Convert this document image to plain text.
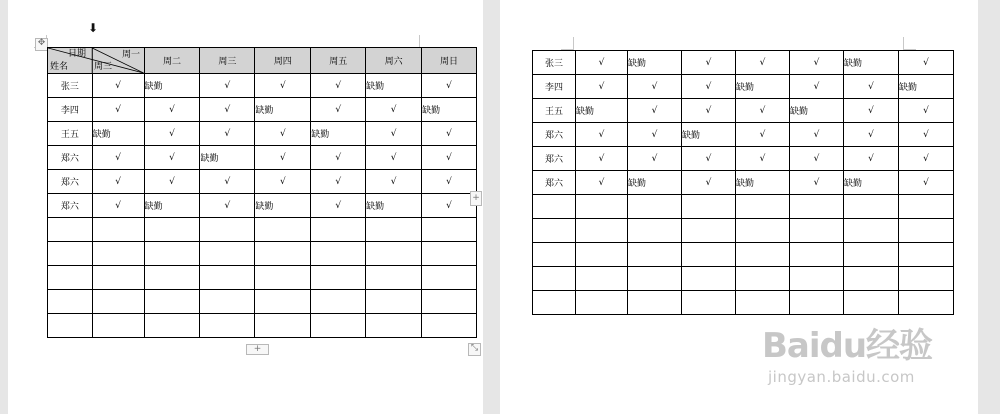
⬇
✥
日期
姓名
周一
周三		周二	周三	周四	周五	周六	周日
张三	√	缺勤	√	√	√	缺勤	√
李四	√	√	√	缺勤	√	√	缺勤
王五	缺勤	√	√	√	缺勤	√	√
郑六	√	√	缺勤	√	√	√	√
郑六	√	√	√	√	√	√	√
郑六	√	缺勤	√	缺勤	√	缺勤	√

+
+	⤡
张三	√	缺勤	√	√	√	缺勤	√
李四	√	√	√	缺勤	√	√	缺勤
王五	缺勤	√	√	√	缺勤	√	√
郑六	√	√	缺勤	√	√	√	√
郑六	√	√	√	√	√	√	√
郑六	√	缺勤	√	缺勤	√	缺勤	√

Baidu经验
jingyan.baidu.com
